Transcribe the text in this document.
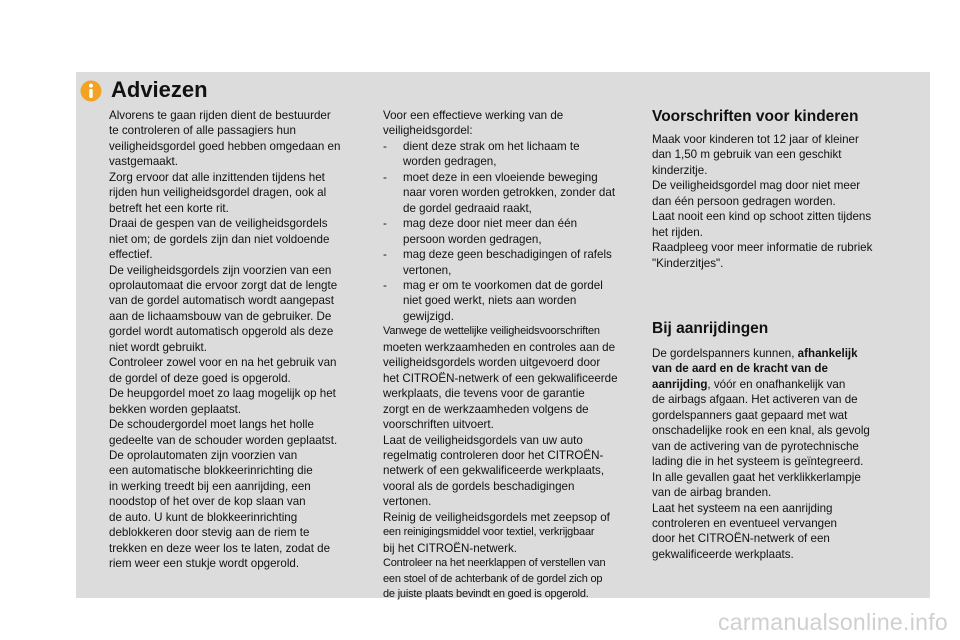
Adviezen

Alvorens te gaan rijden dient de bestuurder

te controleren of alle passagiers hun

veiligheidsgordel goed hebben omgedaan en

vastgemaakt.

Zorg ervoor dat alle inzittenden tijdens het

rijden hun veiligheidsgordel dragen, ook al

betreft het een korte rit.

Draai de gespen van de veiligheidsgordels

niet om; de gordels zijn dan niet voldoende

effectief.

De veiligheidsgordels zijn voorzien van een

oprolautomaat die ervoor zorgt dat de lengte

van de gordel automatisch wordt aangepast

aan de lichaamsbouw van de gebruiker. De

gordel wordt automatisch opgerold als deze

niet wordt gebruikt.

Controleer zowel voor en na het gebruik van

de gordel of deze goed is opgerold.

De heupgordel moet zo laag mogelijk op het

bekken worden geplaatst.

De schoudergordel moet langs het holle

gedeelte van de schouder worden geplaatst.

De oprolautomaten zijn voorzien van

een automatische blokkeerinrichting die

in werking treedt bij een aanrijding, een

noodstop of het over de kop slaan van

de auto. U kunt de blokkeerinrichting

deblokkeren door stevig aan de riem te

trekken en deze weer los te laten, zodat de

riem weer een stukje wordt opgerold.

Voor een effectieve werking van de

veiligheidsgordel:

- dient deze strak om het lichaam te

worden gedragen,

- moet deze in een vloeiende beweging

naar voren worden getrokken, zonder dat

de gordel gedraaid raakt,

- mag deze door niet meer dan één

persoon worden gedragen,

- mag deze geen beschadigingen of rafels

vertonen,

- mag er om te voorkomen dat de gordel

niet goed werkt, niets aan worden

gewijzigd.

Vanwege de wettelijke veiligheidsvoorschriften

moeten werkzaamheden en controles aan de

veiligheidsgordels worden uitgevoerd door

het CITROËN-netwerk of een gekwalificeerde

werkplaats, die tevens voor de garantie

zorgt en de werkzaamheden volgens de

voorschriften uitvoert.

Laat de veiligheidsgordels van uw auto

regelmatig controleren door het CITROËN-

netwerk of een gekwalificeerde werkplaats,

vooral als de gordels beschadigingen

vertonen.

Reinig de veiligheidsgordels met zeepsop of

een reinigingsmiddel voor textiel, verkrijgbaar

bij het CITROËN-netwerk.

Controleer na het neerklappen of verstellen van

een stoel of de achterbank of de gordel zich op

de juiste plaats bevindt en goed is opgerold.

Voorschriften voor kinderen

Maak voor kinderen tot 12 jaar of kleiner

dan 1,50 m gebruik van een geschikt

kinderzitje.

De veiligheidsgordel mag door niet meer

dan één persoon gedragen worden.

Laat nooit een kind op schoot zitten tijdens

het rijden.

Raadpleeg voor meer informatie de rubriek

"Kinderzitjes".

Bij aanrijdingen

De gordelspanners kunnen, afhankelijk

van de aard en de kracht van de

aanrijding, vóór en onafhankelijk van

de airbags afgaan. Het activeren van de

gordelspanners gaat gepaard met wat

onschadelijke rook en een knal, als gevolg

van de activering van de pyrotechnische

lading die in het systeem is geïntegreerd.

In alle gevallen gaat het verklikkerlampje

van de airbag branden.

Laat het systeem na een aanrijding

controleren en eventueel vervangen

door het CITROËN-netwerk of een

gekwalificeerde werkplaats.

carmanualsonline.info
